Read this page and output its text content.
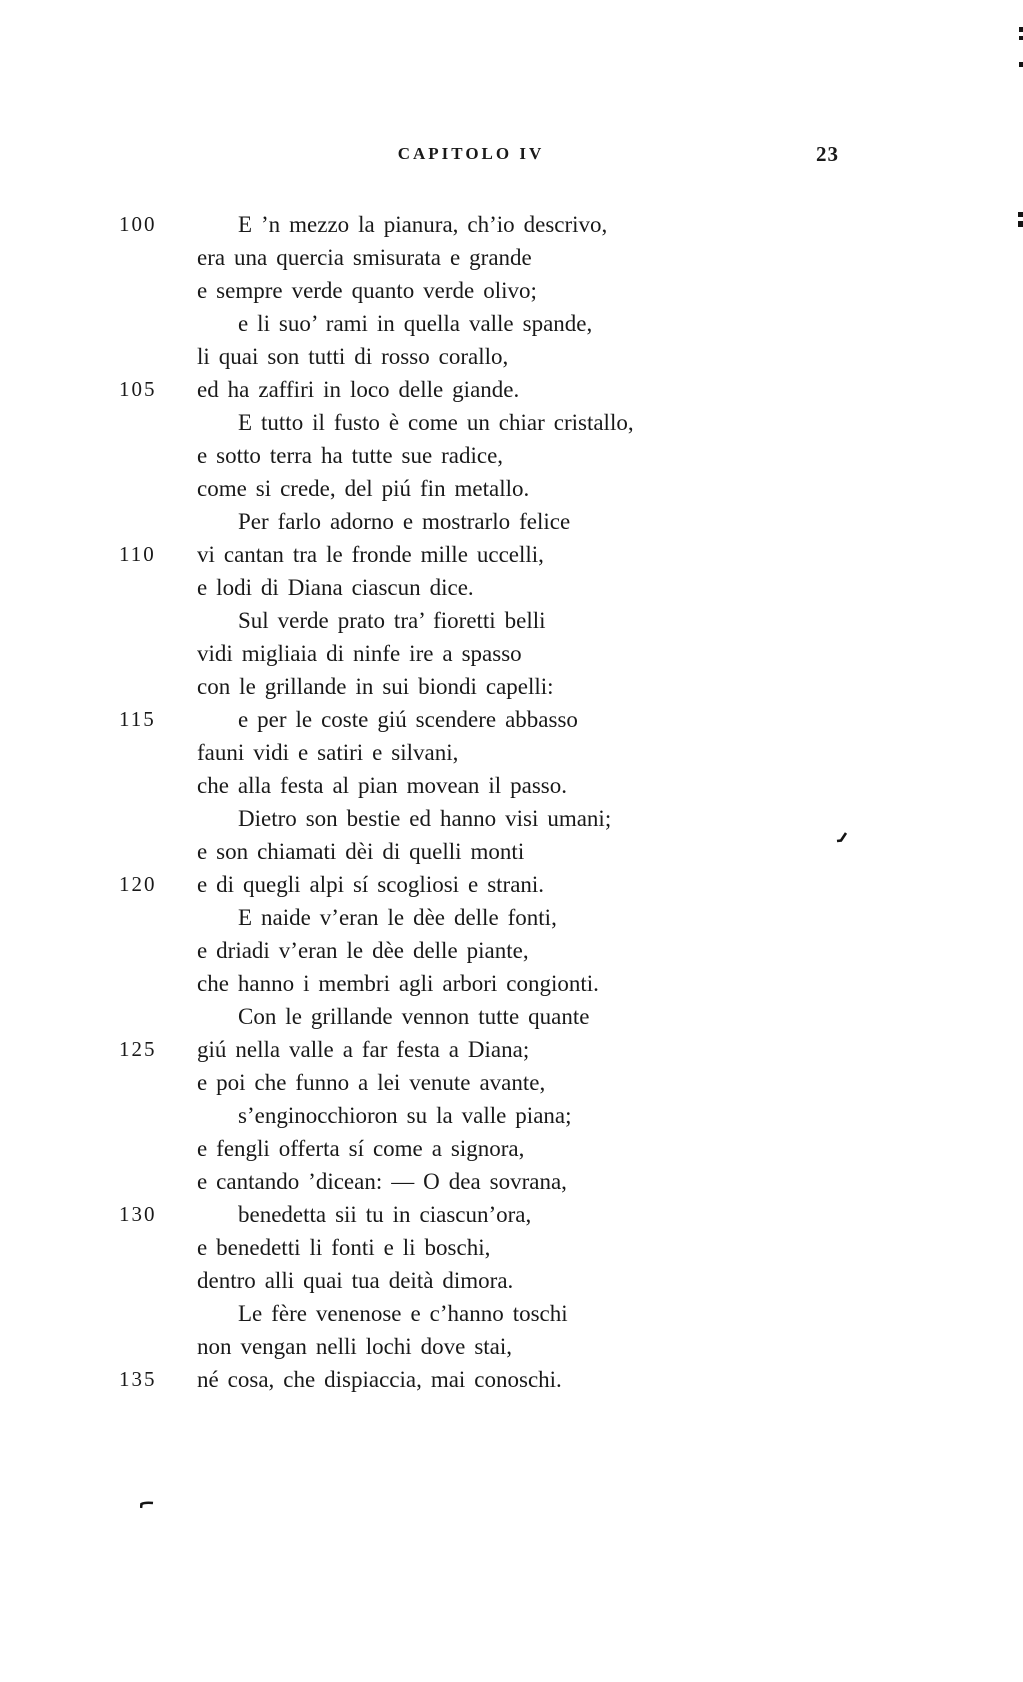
CAPITOLO IV	23
100	E ’n mezzo la pianura, ch’io descrivo,
era una quercia smisurata e grande
e sempre verde quanto verde olivo;
e li suo’ rami in quella valle spande,
li quai son tutti di rosso corallo,
105 ed ha zaffiri in loco delle giande.
E tutto il fusto è come un chiar cristallo,
e sotto terra ha tutte sue radice,
come si crede, del piú fin metallo.
Per farlo adorno e mostrarlo felice
110 vi cantan tra le fronde mille uccelli,
e lodi di Diana ciascun dice.
Sul verde prato tra’ fioretti belli
vidi migliaia di ninfe ire a spasso
con le grillande in sui biondi capelli:
115	e per le coste giú scendere abbasso
fauni vidi e satiri e silvani,
che alla festa al pian movean il passo.
Dietro son bestie ed hanno visi umani;
e son chiamati dèi di quelli monti
120 e di quegli alpi sí scogliosi e strani.
E naide v’eran le dèe delle fonti,
e driadi v’eran le dèe delle piante,
che hanno i membri agli arbori congionti.
Con le grillande vennon tutte quante
125 giú nella valle a far festa a Diana;
e poi che funno a lei venute avante,
s’enginocchioron su la valle piana;
e fengli offerta sí come a signora,
e cantando ’dicean: — O dea sovrana,
130	benedetta sii tu in ciascun’ora,
e benedetti li fonti e li boschi,
dentro alli quai tua deità dimora.
Le fère venenose e c’hanno toschi
non vengan nelli lochi dove stai,
135 né cosa, che dispiaccia, mai conoschi.
